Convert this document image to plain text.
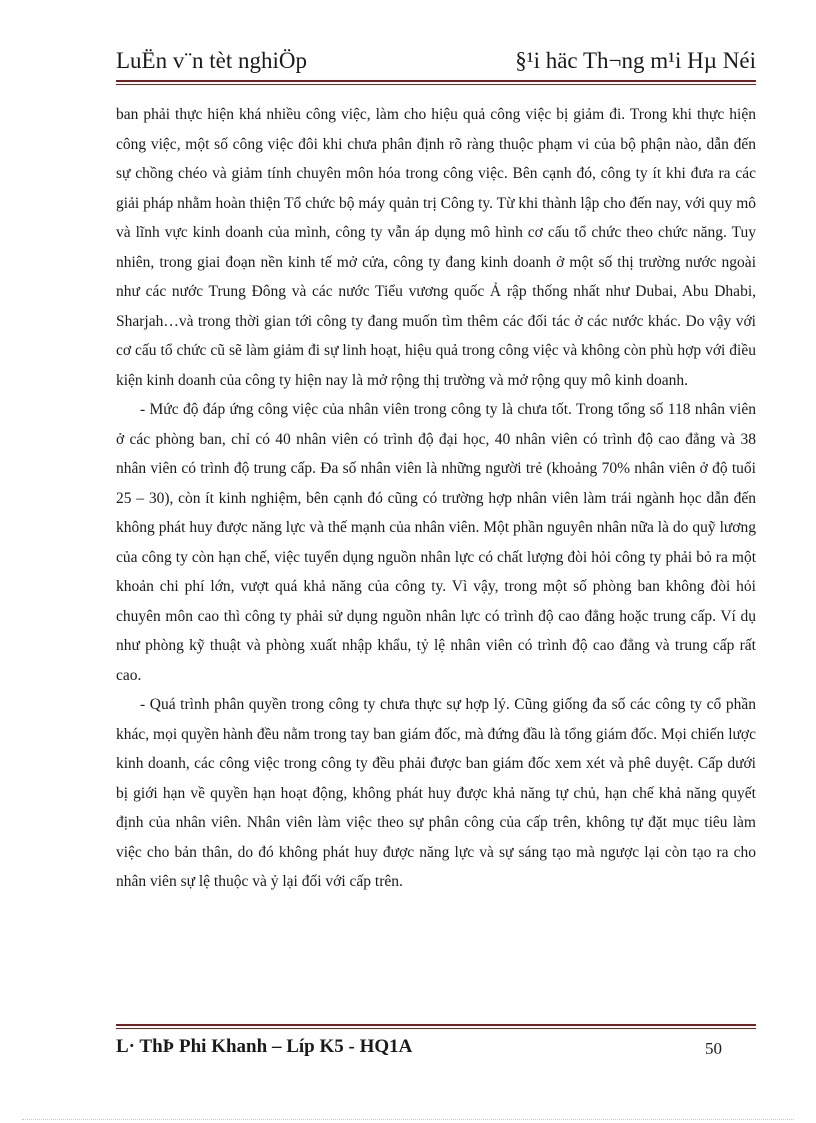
LuËn v¨n tèt nghiÖp	§¹i häc Th¬ng m¹i Hµ Néi

ban phải thực hiện khá nhiều công việc, làm cho hiệu quả công việc bị giảm đi. Trong khi thực hiện công việc, một số công việc đôi khi chưa phân định rõ ràng thuộc phạm vi của bộ phận nào, dẫn đến sự chồng chéo và giảm tính chuyên môn hóa trong công việc. Bên cạnh đó, công ty ít khi đưa ra các giải pháp nhằm hoàn thiện Tổ chức bộ máy quản trị Công ty. Từ khi thành lập cho đến nay, với quy mô và lĩnh vực kinh doanh của mình, công ty vẫn áp dụng mô hình cơ cấu tổ chức theo chức năng. Tuy nhiên, trong giai đoạn nền kinh tế mở cửa, công ty đang kinh doanh ở một số thị trường nước ngoài như các nước Trung Đông và các nước Tiểu vương quốc Ả rập thống nhất như Dubai, Abu Dhabi, Sharjah…và trong thời gian tới công ty đang muốn tìm thêm các đối tác ở các nước khác. Do vậy với cơ cấu tổ chức cũ sẽ làm giảm đi sự linh hoạt, hiệu quả trong công việc và không còn phù hợp với điều kiện kinh doanh của công ty hiện nay là mở rộng thị trường và mở rộng quy mô kinh doanh.

- Mức độ đáp ứng công việc của nhân viên trong công ty là chưa tốt. Trong tổng số 118 nhân viên ở các phòng ban, chỉ có 40 nhân viên có trình độ đại học, 40 nhân viên có trình độ cao đẳng và 38 nhân viên có trình độ trung cấp. Đa số nhân viên là những người trẻ (khoảng 70% nhân viên ở độ tuổi 25 – 30), còn ít kinh nghiệm, bên cạnh đó cũng có trường hợp nhân viên làm trái ngành học dẫn đến không phát huy được năng lực và thế mạnh của nhân viên. Một phần nguyên nhân nữa là do quỹ lương của công ty còn hạn chế, việc tuyển dụng nguồn nhân lực có chất lượng đòi hỏi công ty phải bỏ ra một khoản chi phí lớn, vượt quá khả năng của công ty. Vì vậy, trong một số phòng ban không đòi hỏi chuyên môn cao thì công ty phải sử dụng nguồn nhân lực có trình độ cao đẳng hoặc trung cấp. Ví dụ như phòng kỹ thuật và phòng xuất nhập khẩu, tỷ lệ nhân viên có trình độ cao đẳng và trung cấp rất cao.

- Quá trình phân quyền trong công ty chưa thực sự hợp lý. Cũng giống đa số các công ty cổ phần khác, mọi quyền hành đều nằm trong tay ban giám đốc, mà đứng đầu là tổng giám đốc. Mọi chiến lược kinh doanh, các công việc trong công ty đều phải được ban giám đốc xem xét và phê duyệt. Cấp dưới bị giới hạn về quyền hạn hoạt động, không phát huy được khả năng tự chủ, hạn chế khả năng quyết định của nhân viên. Nhân viên làm việc theo sự phân công của cấp trên, không tự đặt mục tiêu làm việc cho bản thân, do đó không phát huy được năng lực và sự sáng tạo mà ngược lại còn tạo ra cho nhân viên sự lệ thuộc và ỷ lại đối với cấp trên.

L· ThÞ Phi Khanh – Líp K5 - HQ1A	50
